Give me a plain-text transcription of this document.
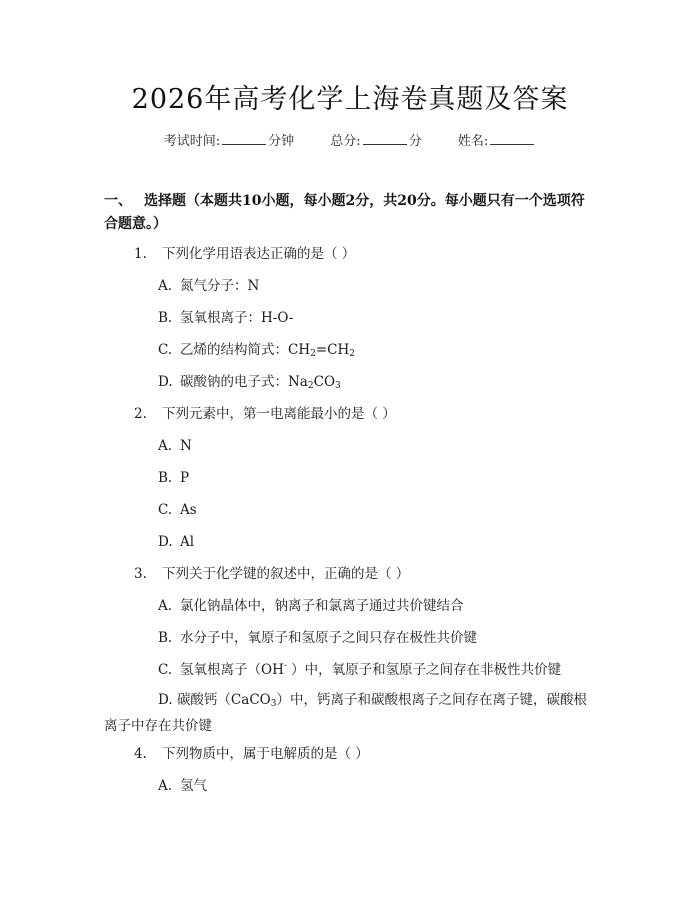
2026年高考化学上海卷真题及答案
考试时间:	分钟	总分:	分	姓名:
一、 选择题（本题共10小题，每小题2分，共20分。每小题只有一个选项符合题意。）
1. 下列化学用语表达正确的是（ ）
A. 氮气分子：N
B. 氢氧根离子：H-O-
C. 乙烯的结构简式：$CH_2=CH_2$
D. 碳酸钠的电子式：$Na_2CO_3$
2. 下列元素中，第一电离能最小的是（ ）
A. N
B. P
C. As
D. Al
3. 下列关于化学键的叙述中，正确的是（ ）
A. 氯化钠晶体中，钠离子和氯离子通过共价键结合
B. 水分子中，氧原子和氢原子之间只存在极性共价键
C. 氢氧根离子（OH- ）中，氧原子和氢原子之间存在非极性共价键
D. 碳酸钙（CaCO$_3$）中，钙离子和碳酸根离子之间存在离子键，碳酸根离子中存在共价键
4. 下列物质中，属于电解质的是（ ）
A. 氢气
